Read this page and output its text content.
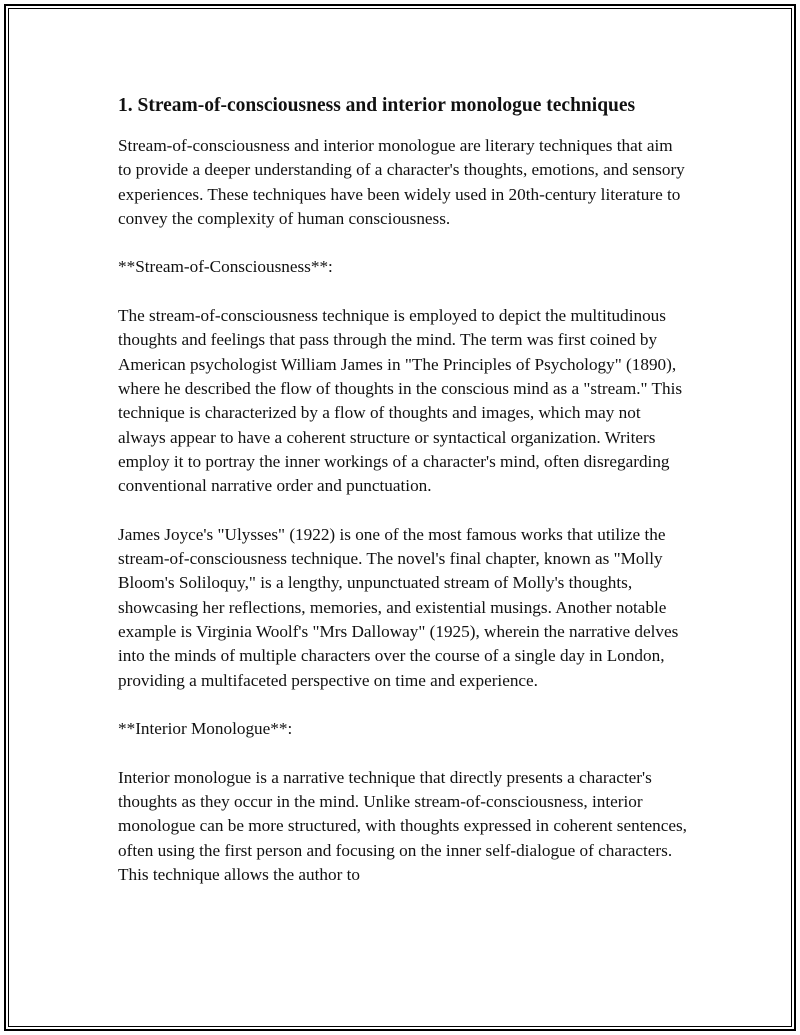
1. Stream-of-consciousness and interior monologue techniques

Stream-of-consciousness and interior monologue are literary techniques that aim to provide a deeper understanding of a character's thoughts, emotions, and sensory experiences. These techniques have been widely used in 20th-century literature to convey the complexity of human consciousness.

**Stream-of-Consciousness**:

The stream-of-consciousness technique is employed to depict the multitudinous thoughts and feelings that pass through the mind. The term was first coined by American psychologist William James in "The Principles of Psychology" (1890), where he described the flow of thoughts in the conscious mind as a "stream." This technique is characterized by a flow of thoughts and images, which may not always appear to have a coherent structure or syntactical organization. Writers employ it to portray the inner workings of a character's mind, often disregarding conventional narrative order and punctuation.

James Joyce's "Ulysses" (1922) is one of the most famous works that utilize the stream-of-consciousness technique. The novel's final chapter, known as "Molly Bloom's Soliloquy," is a lengthy, unpunctuated stream of Molly's thoughts, showcasing her reflections, memories, and existential musings. Another notable example is Virginia Woolf's "Mrs Dalloway" (1925), wherein the narrative delves into the minds of multiple characters over the course of a single day in London, providing a multifaceted perspective on time and experience.

**Interior Monologue**:

Interior monologue is a narrative technique that directly presents a character's thoughts as they occur in the mind. Unlike stream-of-consciousness, interior monologue can be more structured, with thoughts expressed in coherent sentences, often using the first person and focusing on the inner self-dialogue of characters. This technique allows the author to
